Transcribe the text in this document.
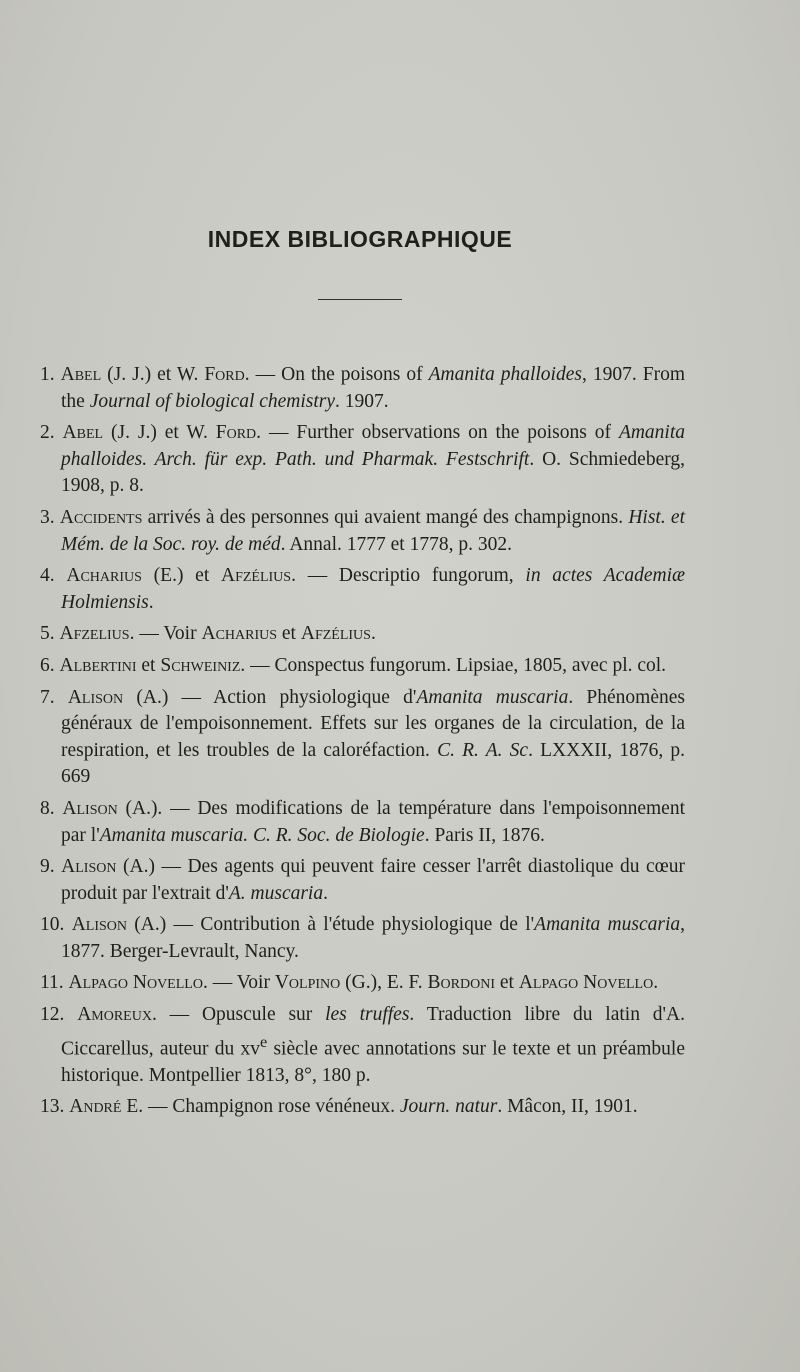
INDEX BIBLIOGRAPHIQUE

1. Abel (J. J.) et W. Ford. — On the poisons of Amanita phalloides, 1907. From the Journal of biological chemistry. 1907.

2. Abel (J. J.) et W. Ford. — Further observations on the poisons of Amanita phalloides. Arch. für exp. Path. und Pharmak. Festschrift. O. Schmiedeberg, 1908, p. 8.

3. Accidents arrivés à des personnes qui avaient mangé des champignons. Hist. et Mém. de la Soc. roy. de méd. Annal. 1777 et 1778, p. 302.

4. Acharius (E.) et Afzélius. — Descriptio fungorum, in actes Academiæ Holmiensis.

5. Afzelius. — Voir Acharius et Afzélius.

6. Albertini et Schweiniz. — Conspectus fungorum. Lipsiae, 1805, avec pl. col.

7. Alison (A.) — Action physiologique d'Amanita muscaria. Phénomènes généraux de l'empoisonnement. Effets sur les organes de la circulation, de la respiration, et les troubles de la caloréfaction. C. R. A. Sc. LXXXII, 1876, p. 669

8. Alison (A.). — Des modifications de la température dans l'empoisonnement par l'Amanita muscaria. C. R. Soc. de Biologie. Paris II, 1876.

9. Alison (A.) — Des agents qui peuvent faire cesser l'arrêt diastolique du cœur produit par l'extrait d'A. muscaria.

10. Alison (A.) — Contribution à l'étude physiologique de l'Amanita muscaria, 1877. Berger-Levrault, Nancy.

11. Alpago Novello. — Voir Volpino (G.), E. F. Bordoni et Alpago Novello.

12. Amoreux. — Opuscule sur les truffes. Traduction libre du latin d'A. Ciccarellus, auteur du $xv^e$ siècle avec annotations sur le texte et un préambule historique. Montpellier 1813, 8°, 180 p.

13. André E. — Champignon rose vénéneux. Journ. natur. Mâcon, II, 1901.
